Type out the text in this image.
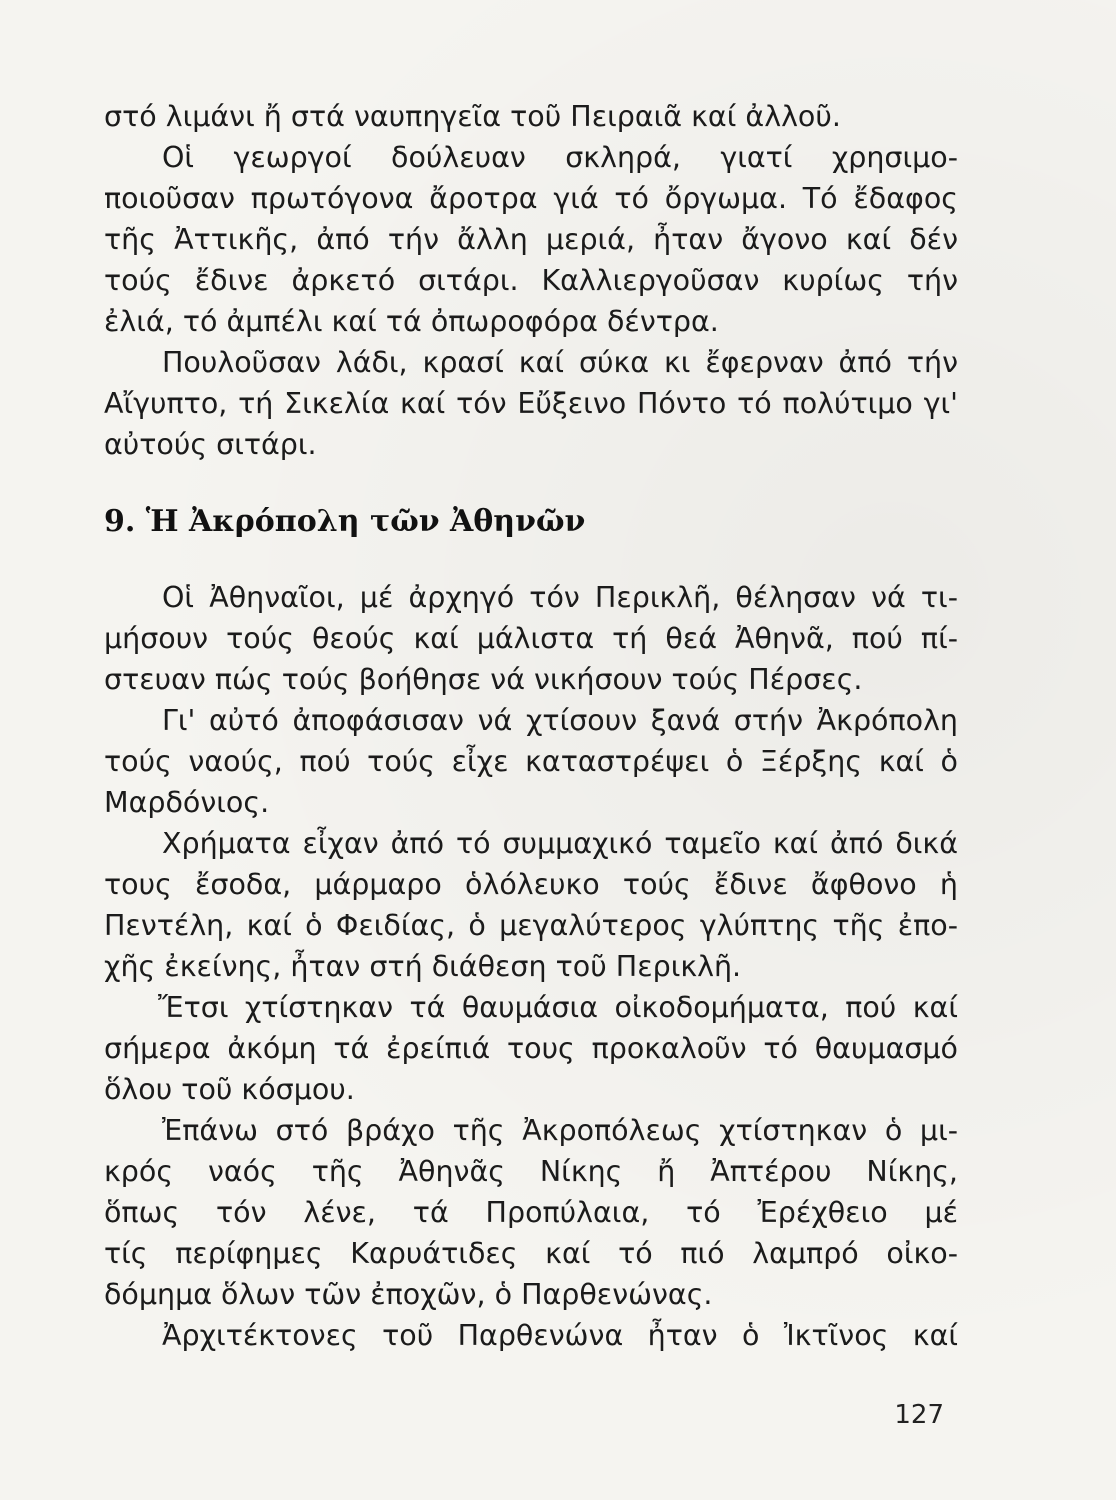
στό λιμάνι ἤ στά ναυπηγεῖα τοῦ Πειραιᾶ καί ἀλλοῦ.
Οἱ γεωργοί δούλευαν σκληρά, γιατί χρησιμο-
ποιοῦσαν πρωτόγονα ἄροτρα γιά τό ὄργωμα. Τό ἔδαφος
τῆς Ἀττικῆς, ἀπό τήν ἄλλη μεριά, ἦταν ἄγονο καί δέν
τούς ἔδινε ἀρκετό σιτάρι. Καλλιεργοῦσαν κυρίως τήν
ἐλιά, τό ἀμπέλι καί τά ὀπωροφόρα δέντρα.
Πουλοῦσαν λάδι, κρασί καί σύκα κι ἔφερναν ἀπό τήν
Αἴγυπτο, τή Σικελία καί τόν Εὔξεινο Πόντο τό πολύτιμο γι'
αὐτούς σιτάρι.
9. Ἡ Ἀκρόπολη τῶν Ἀθηνῶν
Οἱ Ἀθηναῖοι, μέ ἀρχηγό τόν Περικλῆ, θέλησαν νά τι-
μήσουν τούς θεούς καί μάλιστα τή θεά Ἀθηνᾶ, πού πί-
στευαν πώς τούς βοήθησε νά νικήσουν τούς Πέρσες.
Γι' αὐτό ἀποφάσισαν νά χτίσουν ξανά στήν Ἀκρόπολη
τούς ναούς, πού τούς εἶχε καταστρέψει ὁ Ξέρξης καί ὁ
Μαρδόνιος.
Χρήματα εἶχαν ἀπό τό συμμαχικό ταμεῖο καί ἀπό δικά
τους ἔσοδα, μάρμαρο ὁλόλευκο τούς ἔδινε ἄφθονο ἡ
Πεντέλη, καί ὁ Φειδίας, ὁ μεγαλύτερος γλύπτης τῆς ἐπο-
χῆς ἐκείνης, ἦταν στή διάθεση τοῦ Περικλῆ.
Ἔτσι χτίστηκαν τά θαυμάσια οἰκοδομήματα, πού καί
σήμερα ἀκόμη τά ἐρείπιά τους προκαλοῦν τό θαυμασμό
ὅλου τοῦ κόσμου.
Ἐπάνω στό βράχο τῆς Ἀκροπόλεως χτίστηκαν ὁ μι-
κρός ναός τῆς Ἀθηνᾶς Νίκης ἤ Ἀπτέρου Νίκης,
ὅπως τόν λένε, τά Προπύλαια, τό Ἐρέχθειο μέ
τίς περίφημες Καρυάτιδες καί τό πιό λαμπρό οἰκο-
δόμημα ὅλων τῶν ἐποχῶν, ὁ Παρθενώνας.
Ἀρχιτέκτονες τοῦ Παρθενώνα ἦταν ὁ Ἰκτῖνος καί
127
